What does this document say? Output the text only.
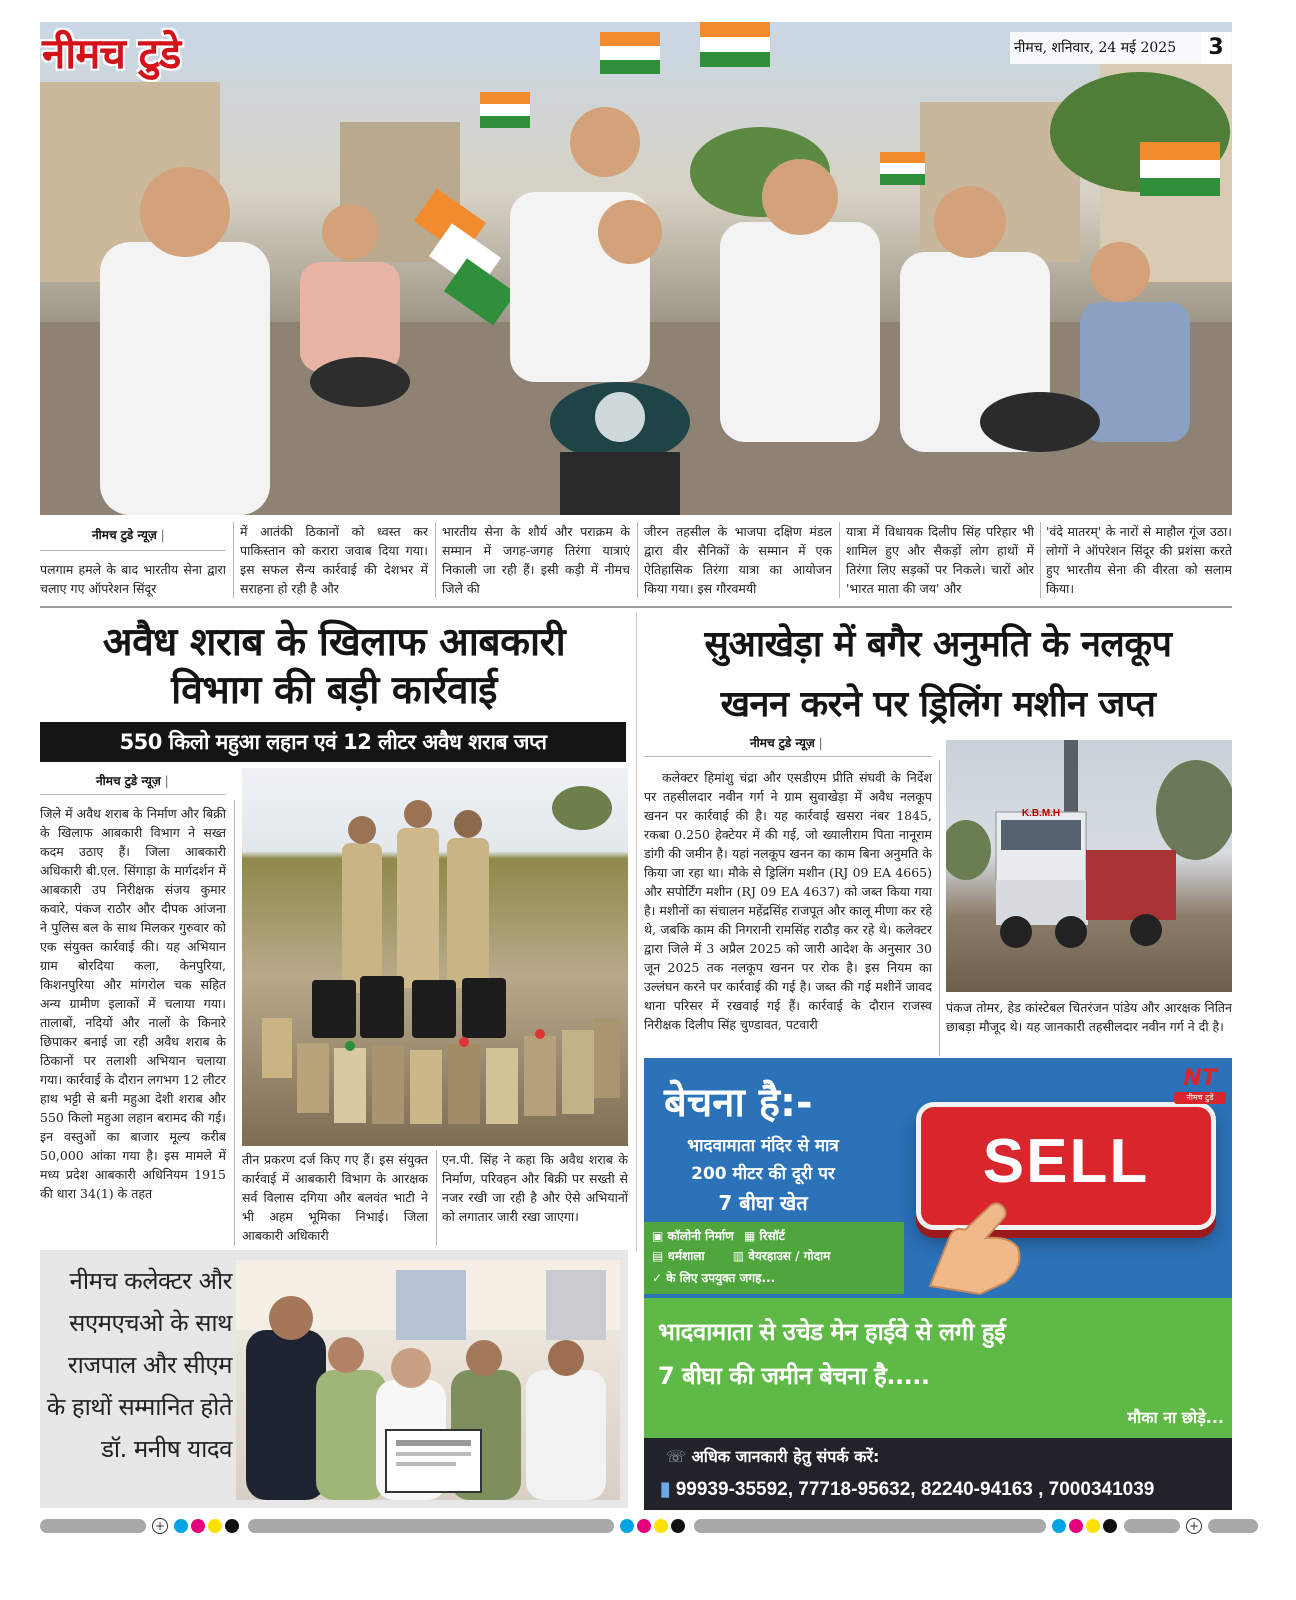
नीमच टुडे	नीमच, शनिवार, 24 मई 2025 3
नीमच टुडे न्यूज़ |
पलगाम हमले के बाद भारतीय सेना द्वारा चलाए गए ऑपरेशन सिंदूर
में आतंकी ठिकानों को ध्वस्त कर पाकिस्तान को करारा जवाब दिया गया। इस सफल सैन्य कार्रवाई की देशभर में सराहना हो रही है और
भारतीय सेना के शौर्य और पराक्रम के सम्मान में जगह-जगह तिरंगा यात्राएं निकाली जा रही हैं। इसी कड़ी में नीमच जिले की
जीरन तहसील के भाजपा दक्षिण मंडल द्वारा वीर सैनिकों के सम्मान में एक ऐतिहासिक तिरंगा यात्रा का आयोजन किया गया। इस गौरवमयी
यात्रा में विधायक दिलीप सिंह परिहार भी शामिल हुए और सैकड़ों लोग हाथों में तिरंगा लिए सड़कों पर निकले। चारों ओर 'भारत माता की जय' और
'वंदे मातरम्' के नारों से माहौल गूंज उठा। लोगों ने ऑपरेशन सिंदूर की प्रशंसा करते हुए भारतीय सेना की वीरता को सलाम किया।
अवैध शराब के खिलाफ आबकारी
विभाग की बड़ी कार्रवाई
550 किलो महुआ लहान एवं 12 लीटर अवैध शराब जप्त
नीमच टुडे न्यूज़ |
जिले में अवैध शराब के निर्माण और बिक्री के खिलाफ आबकारी विभाग ने सख्त कदम उठाए हैं। जिला आबकारी अधिकारी बी.एल. सिंगाड़ा के मार्गदर्शन में आबकारी उप निरीक्षक संजय कुमार कवारे, पंकज राठौर और दीपक आंजना ने पुलिस बल के साथ मिलकर गुरुवार को एक संयुक्त कार्रवाई की। यह अभियान ग्राम बोरदिया कला, केनपुरिया, किशनपुरिया और मांगरोल चक सहित अन्य ग्रामीण इलाकों में चलाया गया। तालाबों, नदियों और नालों के किनारे छिपाकर बनाई जा रही अवैध शराब के ठिकानों पर तलाशी अभियान चलाया गया। कार्रवाई के दौरान लगभग 12 लीटर हाथ भट्टी से बनी महुआ देशी शराब और 550 किलो महुआ लहान बरामद की गई। इन वस्तुओं का बाजार मूल्य करीब 50,000 आंका गया है। इस मामले में मध्य प्रदेश आबकारी अधिनियम 1915 की धारा 34(1) के तहत
तीन प्रकरण दर्ज किए गए हैं। इस संयुक्त कार्रवाई में आबकारी विभाग के आरक्षक सर्व विलास दगिया और बलवंत भाटी ने भी अहम भूमिका निभाई। जिला आबकारी अधिकारी
एन.पी. सिंह ने कहा कि अवैध शराब के निर्माण, परिवहन और बिक्री पर सख्ती से नजर रखी जा रही है और ऐसे अभियानों को लगातार जारी रखा जाएगा।
सुआखेड़ा में बगैर अनुमति के नलकूप
खनन करने पर ड्रिलिंग मशीन जप्त
नीमच टुडे न्यूज़ |
कलेक्टर हिमांशु चंद्रा और एसडीएम प्रीति संघवी के निर्देश पर तहसीलदार नवीन गर्ग ने ग्राम सुवाखेड़ा में अवैध नलकूप खनन पर कार्रवाई की है। यह कार्रवाई खसरा नंबर 1845, रकबा 0.250 हेक्टेयर में की गई, जो ख्यालीराम पिता नानूराम डांगी की जमीन है। यहां नलकूप खनन का काम बिना अनुमति के किया जा रहा था। मौके से ड्रिलिंग मशीन (RJ 09 EA 4665) और सपोर्टिंग मशीन (RJ 09 EA 4637) को जब्त किया गया है। मशीनों का संचालन महेंद्रसिंह राजपूत और कालू मीणा कर रहे थे, जबकि काम की निगरानी रामसिंह राठौड़ कर रहे थे। कलेक्टर द्वारा जिले में 3 अप्रैल 2025 को जारी आदेश के अनुसार 30 जून 2025 तक नलकूप खनन पर रोक है। इस नियम का उल्लंघन करने पर कार्रवाई की गई है। जब्त की गई मशीनें जावद थाना परिसर में रखवाई गई हैं। कार्रवाई के दौरान राजस्व निरीक्षक दिलीप सिंह चुण्डावत, पटवारी
K.B.M.H
पंकज तोमर, हेड कांस्टेबल चितरंजन पांडेय और आरक्षक नितिन छाबड़ा मौजूद थे। यह जानकारी तहसीलदार नवीन गर्ग ने दी है।
नीमच कलेक्टर और सएमएचओ के साथ राजपाल और सीएम के हाथों सम्मानित होते डॉ. मनीष यादव
बेचना है:-
भादवामाता मंदिर से मात्र
200 मीटर की दूरी पर
7 बीघा खेत
SELL
NT
नीमच टुडे
▣ कॉलोनी निर्माण ▦ रिसॉर्ट
▤ धर्मशाला ▥ वेयरहाउस / गोदाम
✓ के लिए उपयुक्त जगह...
भादवामाता से उचेड मेन हाईवे से लगी हुई
7 बीघा की जमीन बेचना है.....
मौका ना छोड़े...
☏ अधिक जानकारी हेतु संपर्क करें:
▮ 99939-35592, 77718-95632, 82240-94163 , 7000341039
+	+
